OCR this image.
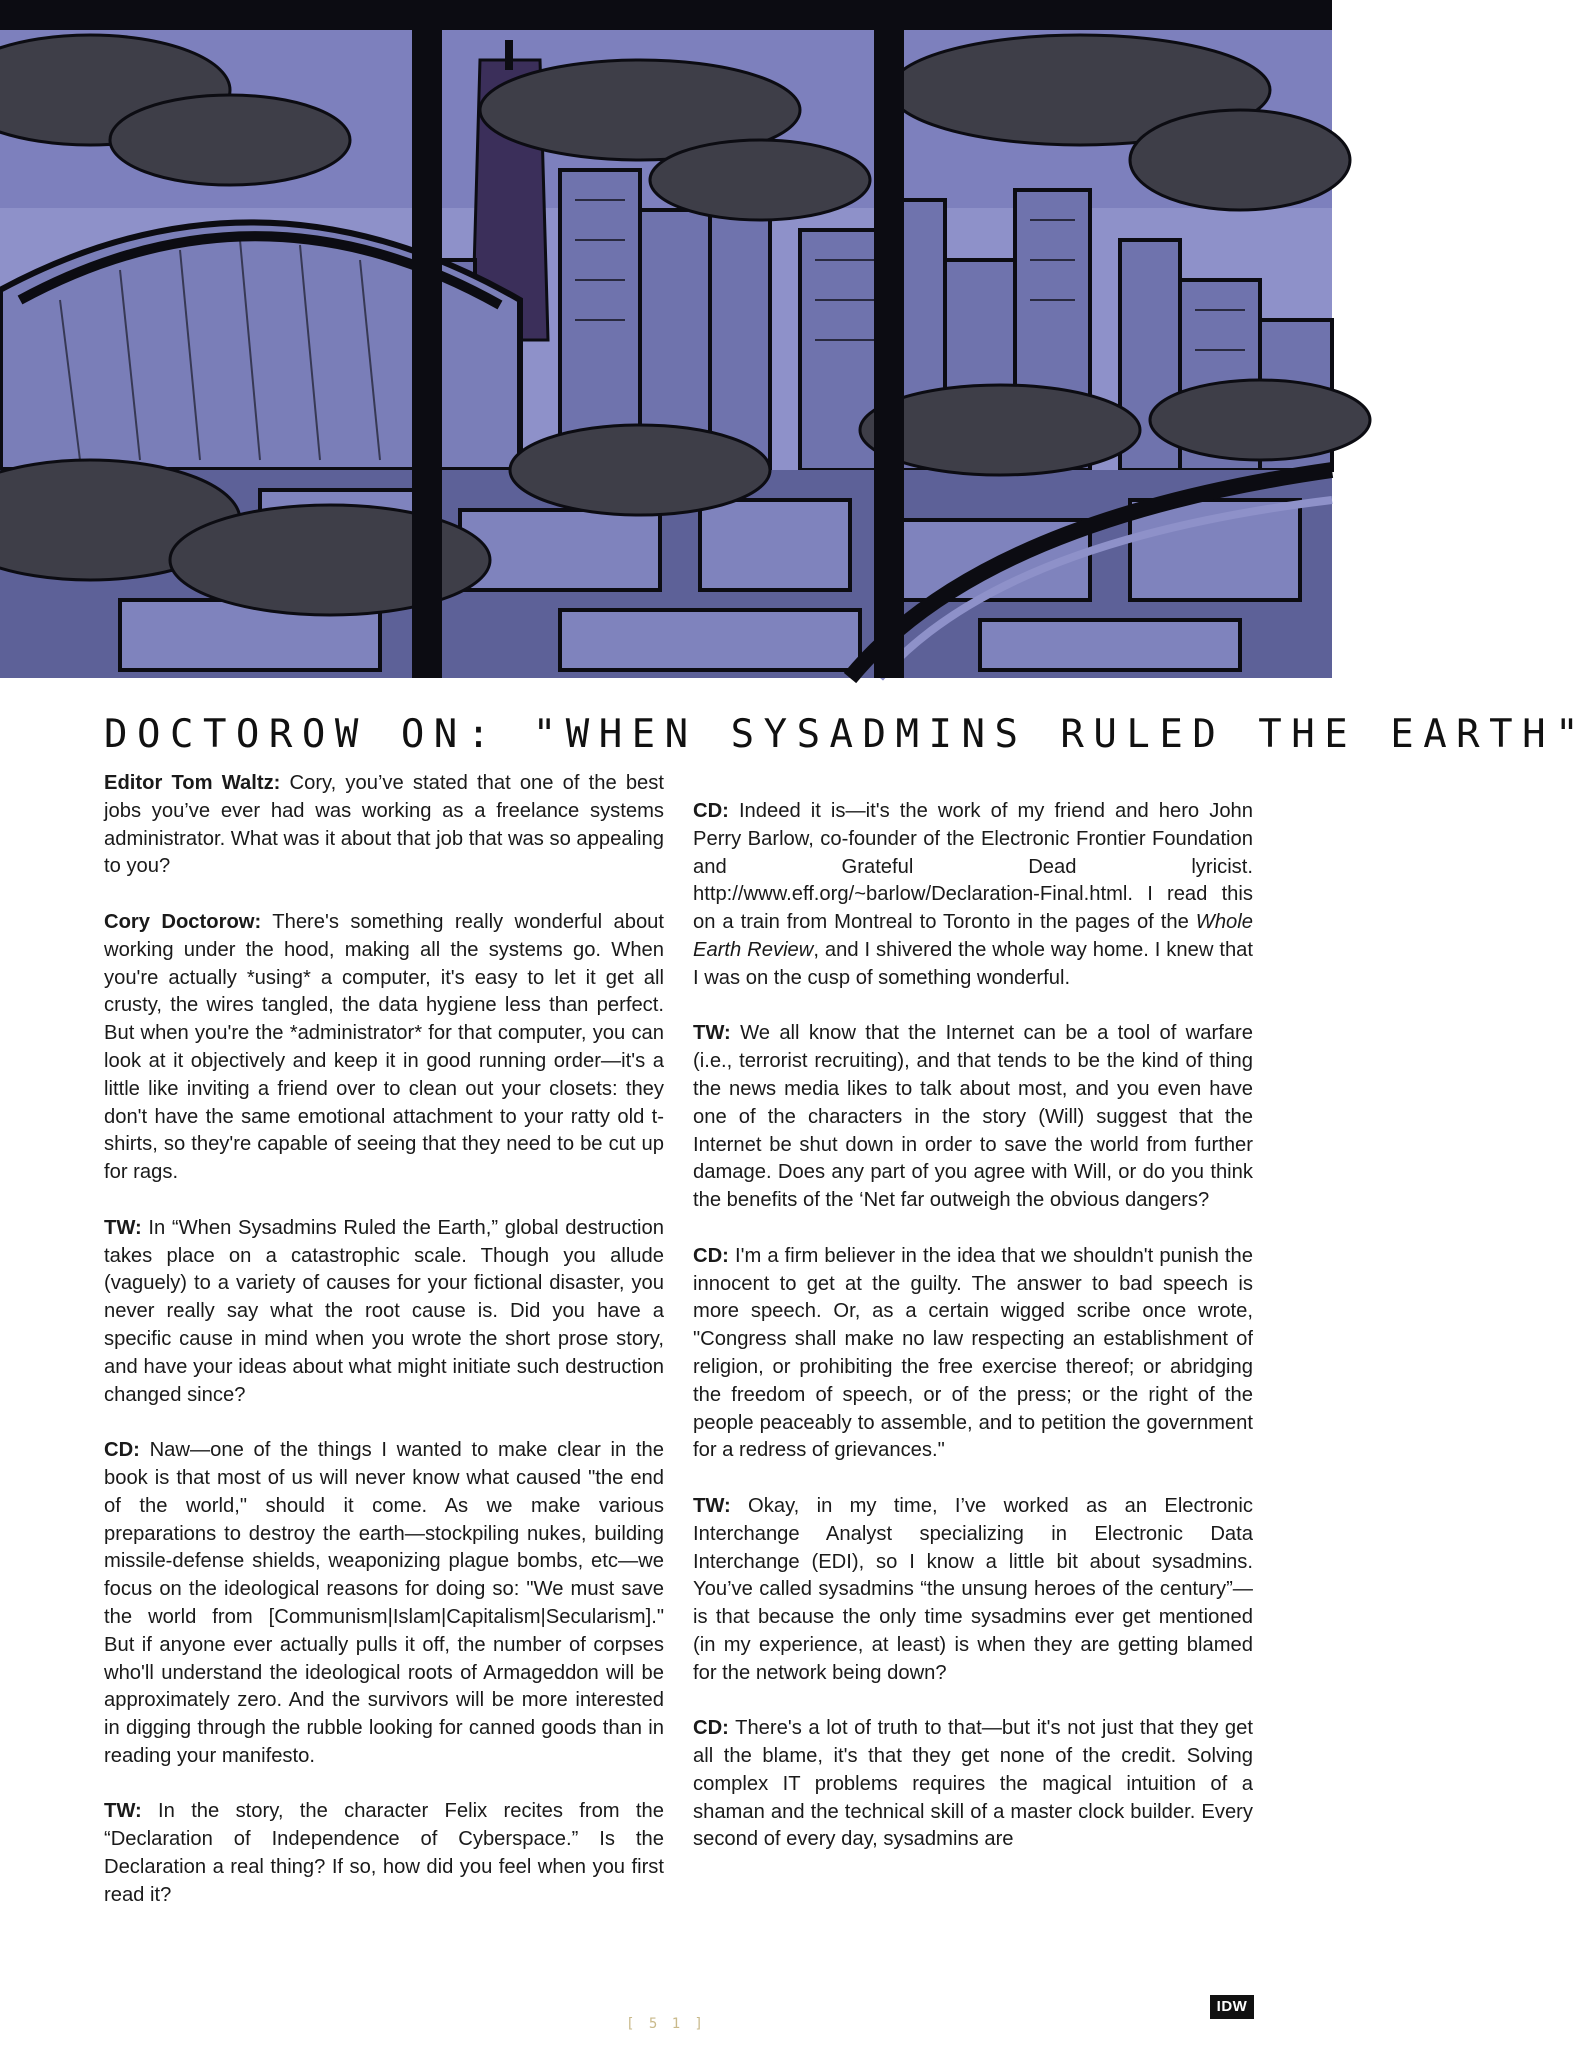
DOCTOROW ON: "WHEN SYSADMINS RULED THE EARTH"

Editor Tom Waltz: Cory, you’ve stated that one of the best jobs you’ve ever had was working as a freelance systems administrator. What was it about that job that was so appealing to you?

Cory Doctorow: There's something really wonderful about working under the hood, making all the systems go. When you're actually *using* a computer, it's easy to let it get all crusty, the wires tangled, the data hygiene less than perfect. But when you're the *administrator* for that computer, you can look at it objectively and keep it in good running order—it's a little like inviting a friend over to clean out your closets: they don't have the same emotional attachment to your ratty old t-shirts, so they're capable of seeing that they need to be cut up for rags.

TW: In “When Sysadmins Ruled the Earth,” global destruction takes place on a catastrophic scale. Though you allude (vaguely) to a variety of causes for your fictional disaster, you never really say what the root cause is. Did you have a specific cause in mind when you wrote the short prose story, and have your ideas about what might initiate such destruction changed since?

CD: Naw—one of the things I wanted to make clear in the book is that most of us will never know what caused "the end of the world," should it come. As we make various preparations to destroy the earth—stockpiling nukes, building missile-defense shields, weaponizing plague bombs, etc—we focus on the ideological reasons for doing so: "We must save the world from [Communism|Islam|Capitalism|Secularism]." But if anyone ever actually pulls it off, the number of corpses who'll understand the ideological roots of Armageddon will be approximately zero. And the survivors will be more interested in digging through the rubble looking for canned goods than in reading your manifesto.

TW: In the story, the character Felix recites from the “Declaration of Independence of Cyberspace.” Is the Declaration a real thing? If so, how did you feel when you first read it?

CD: Indeed it is—it's the work of my friend and hero John Perry Barlow, co-founder of the Electronic Frontier Foundation and Grateful Dead lyricist. http://www.eff.org/~barlow/Declaration-Final.html. I read this on a train from Montreal to Toronto in the pages of the Whole Earth Review, and I shivered the whole way home. I knew that I was on the cusp of something wonderful.

TW: We all know that the Internet can be a tool of warfare (i.e., terrorist recruiting), and that tends to be the kind of thing the news media likes to talk about most, and you even have one of the characters in the story (Will) suggest that the Internet be shut down in order to save the world from further damage. Does any part of you agree with Will, or do you think the benefits of the ‘Net far outweigh the obvious dangers?

CD: I'm a firm believer in the idea that we shouldn't punish the innocent to get at the guilty. The answer to bad speech is more speech. Or, as a certain wigged scribe once wrote, "Congress shall make no law respecting an establishment of religion, or prohibiting the free exercise thereof; or abridging the freedom of speech, or of the press; or the right of the people peaceably to assemble, and to petition the government for a redress of grievances."

TW: Okay, in my time, I’ve worked as an Electronic Interchange Analyst specializing in Electronic Data Interchange (EDI), so I know a little bit about sysadmins. You’ve called sysadmins “the unsung heroes of the century”—is that because the only time sysadmins ever get mentioned (in my experience, at least) is when they are getting blamed for the network being down?

CD: There's a lot of truth to that—but it's not just that they get all the blame, it's that they get none of the credit. Solving complex IT problems requires the magical intuition of a shaman and the technical skill of a master clock builder. Every second of every day, sysadmins are

[ 5 1 ]
IDW
